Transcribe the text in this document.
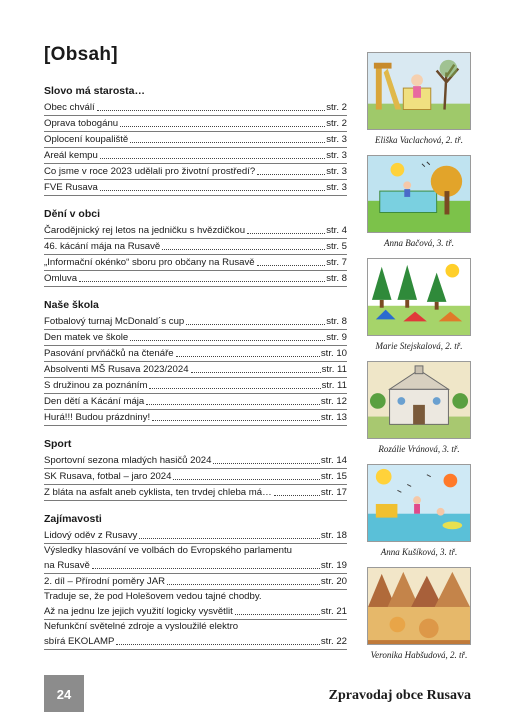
[Obsah]
Slovo má starosta…
Obec chválí	str. 2
Oprava tobogánu	str. 2
Oplocení koupaliště	str. 3
Areál kempu	str. 3
Co jsme v roce 2023 udělali pro životní prostředí?	str. 3
FVE Rusava	str. 3
Dění v obci
Čarodějnický rej letos na jedničku s hvězdičkou	str. 4
46. kácání mája na Rusavě	str. 5
„Informační okénko“ sboru pro občany na Rusavě	str. 7
Omluva	str. 8
Naše škola
Fotbalový turnaj McDonald´s cup	str. 8
Den matek ve škole	str. 9
Pasování prvňáčků na čtenáře	str. 10
Absolventi MŠ Rusava 2023/2024	str. 11
S družinou za poznáním	str. 11
Den dětí a Kácání mája	str. 12
Hurá!!! Budou prázdniny!	str. 13
Sport
Sportovní sezona mladých hasičů 2024	str. 14
SK Rusava, fotbal – jaro 2024	str. 15
Z bláta na asfalt aneb cyklista, ten trvdej chleba má…	str. 17
Zajímavosti
Lidový oděv z Rusavy	str. 18
Výsledky hlasování ve volbách do Evropského parlamentu
na Rusavě	str. 19
2. díl – Přírodní poměry JAR	str. 20
Traduje se, že pod Holešovem vedou tajné chodby.
Až na jednu lze jejich využití logicky vysvětlit	str. 21
Nefunkční světelné zdroje a vysloužilé elektro
sbírá EKOLAMP	str. 22
Eliška Vaclachová, 2. tř.
Anna Bačová, 3. tř.
Marie Stejskalová, 2. tř.
Rozálie Vránová, 3. tř.
Anna Kušíková, 3. tř.
Veronika Habšudová, 2. tř.
24	Zpravodaj obce Rusava
